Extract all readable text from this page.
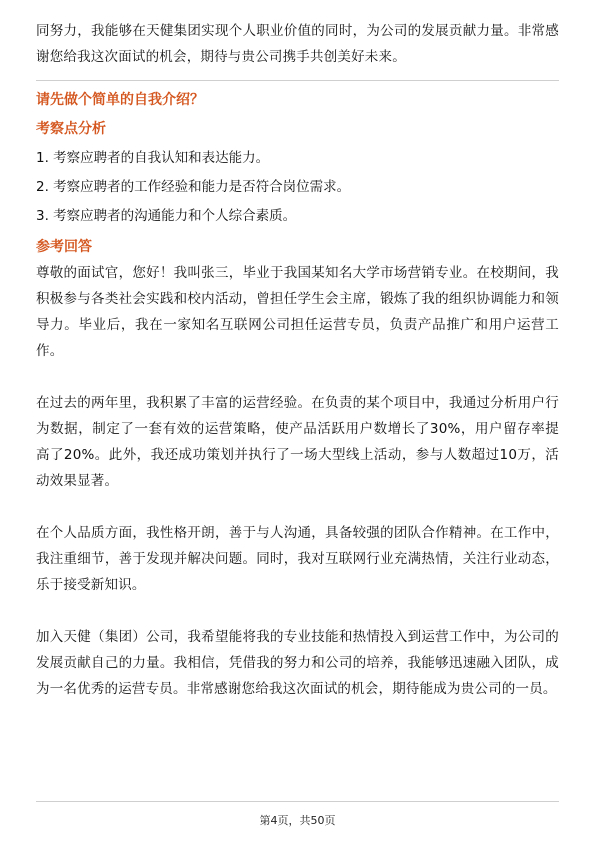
同努力，我能够在天健集团实现个人职业价值的同时，为公司的发展贡献力量。非常感谢您给我这次面试的机会，期待与贵公司携手共创美好未来。

请先做个简单的自我介绍？

考察点分析

1. 考察应聘者的自我认知和表达能力。

2. 考察应聘者的工作经验和能力是否符合岗位需求。

3. 考察应聘者的沟通能力和个人综合素质。

参考回答

尊敬的面试官，您好！我叫张三，毕业于我国某知名大学市场营销专业。在校期间，我积极参与各类社会实践和校内活动，曾担任学生会主席，锻炼了我的组织协调能力和领导力。毕业后，我在一家知名互联网公司担任运营专员，负责产品推广和用户运营工作。

在过去的两年里，我积累了丰富的运营经验。在负责的某个项目中，我通过分析用户行为数据，制定了一套有效的运营策略，使产品活跃用户数增长了30%，用户留存率提高了20%。此外，我还成功策划并执行了一场大型线上活动，参与人数超过10万，活动效果显著。

在个人品质方面，我性格开朗，善于与人沟通，具备较强的团队合作精神。在工作中，我注重细节，善于发现并解决问题。同时，我对互联网行业充满热情，关注行业动态，乐于接受新知识。

加入天健（集团）公司，我希望能将我的专业技能和热情投入到运营工作中，为公司的发展贡献自己的力量。我相信，凭借我的努力和公司的培养，我能够迅速融入团队，成为一名优秀的运营专员。非常感谢您给我这次面试的机会，期待能成为贵公司的一员。

第4页，共50页
